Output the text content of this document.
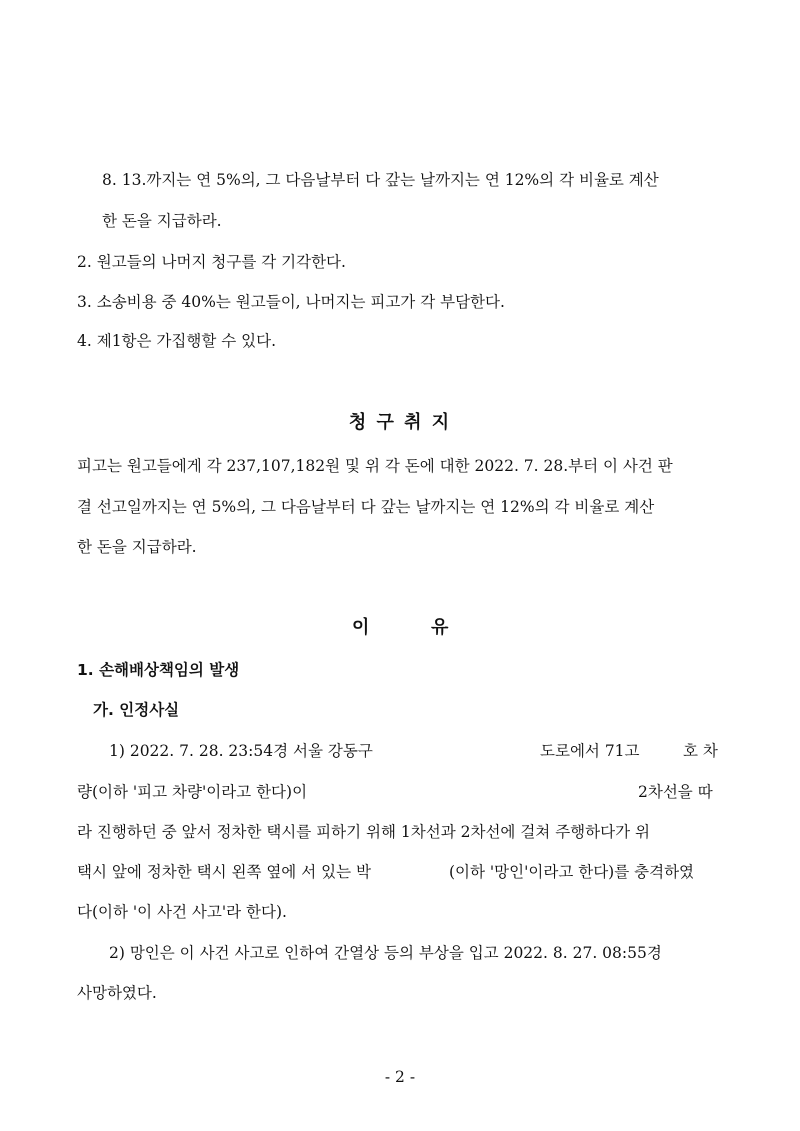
8. 13.까지는 연 5%의, 그 다음날부터 다 갚는 날까지는 연 12%의 각 비율로 계산
한 돈을 지급하라.
2. 원고들의 나머지 청구를 각 기각한다.
3. 소송비용 중 40%는 원고들이, 나머지는 피고가 각 부담한다.
4. 제1항은 가집행할 수 있다.
청 구 취 지
피고는 원고들에게 각 237,107,182원 및 위 각 돈에 대한 2022. 7. 28.부터 이 사건 판
결 선고일까지는 연 5%의, 그 다음날부터 다 갚는 날까지는 연 12%의 각 비율로 계산
한 돈을 지급하라.
이	유
1. 손해배상책임의 발생
가. 인정사실
1) 2022. 7. 28. 23:54경 서울 강동구	도로에서 71고	호 차
량(이하 '피고 차량'이라고 한다)이	2차선을 따
라 진행하던 중 앞서 정차한 택시를 피하기 위해 1차선과 2차선에 걸쳐 주행하다가 위
택시 앞에 정차한 택시 왼쪽 옆에 서 있는 박	(이하 '망인'이라고 한다)를 충격하였
다(이하 '이 사건 사고'라 한다).
2) 망인은 이 사건 사고로 인하여 간열상 등의 부상을 입고 2022. 8. 27. 08:55경
사망하였다.
- 2 -
